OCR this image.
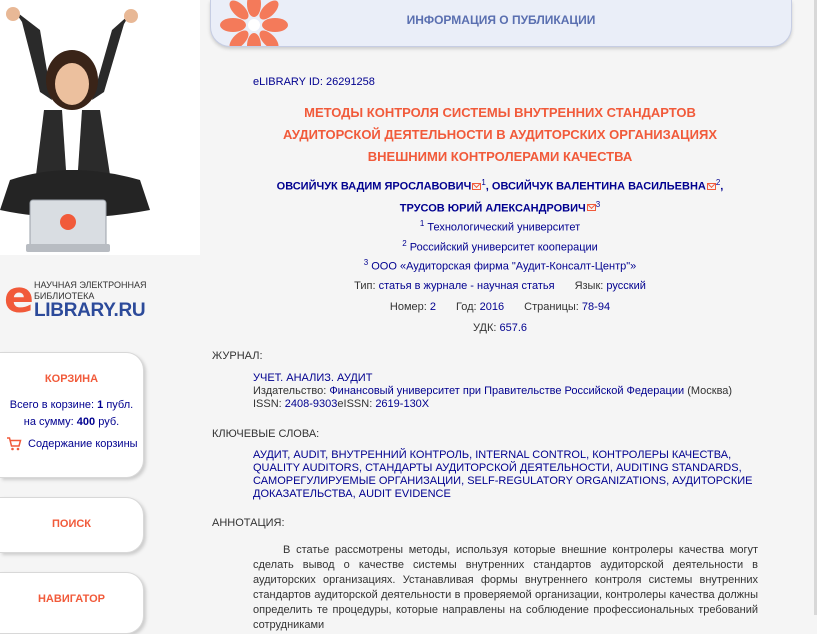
e НАУЧНАЯ ЭЛЕКТРОННАЯ БИБЛИОТЕКА
LIBRARY.RU
КОРЗИНА
Всего в корзине: 1 публ.
на сумму: 400 руб.
Содержание корзины
ПОИСК
НАВИГАТОР
ИНФОРМАЦИЯ О ПУБЛИКАЦИИ
eLIBRARY ID: 26291258
МЕТОДЫ КОНТРОЛЯ СИСТЕМЫ ВНУТРЕННИХ СТАНДАРТОВ
АУДИТОРСКОЙ ДЕЯТЕЛЬНОСТИ В АУДИТОРСКИХ ОРГАНИЗАЦИЯХ
ВНЕШНИМИ КОНТРОЛЕРАМИ КАЧЕСТВА
ОВСИЙЧУК ВАДИМ ЯРОСЛАВОВИЧ $^1$, ОВСИЙЧУК ВАЛЕНТИНА ВАСИЛЬЕВНА $^2$,
ТРУСОВ ЮРИЙ АЛЕКСАНДРОВИЧ $^3$
$^1$ Технологический университет
$^2$ Российский университет кооперации
$^3$ ООО «Аудиторская фирма "Аудит-Консалт-Центр"»
Тип: статья в журнале - научная статья Язык: русский
Номер: 2 Год: 2016 Страницы: 78-94
УДК: 657.6
ЖУРНАЛ:
УЧЕТ. АНАЛИЗ. АУДИТ
Издательство: Финансовый университет при Правительстве Российской Федерации (Москва)
ISSN: 2408-9303eISSN: 2619-130X
КЛЮЧЕВЫЕ СЛОВА:
АУДИТ, AUDIT, ВНУТРЕННИЙ КОНТРОЛЬ, INTERNAL CONTROL, КОНТРОЛЕРЫ КАЧЕСТВА, QUALITY AUDITORS, СТАНДАРТЫ АУДИТОРСКОЙ ДЕЯТЕЛЬНОСТИ, AUDITING STANDARDS, САМОРЕГУЛИРУЕМЫЕ ОРГАНИЗАЦИИ, SELF-REGULATORY ORGANIZATIONS, АУДИТОРСКИЕ ДОКАЗАТЕЛЬСТВА, AUDIT EVIDENCE
АННОТАЦИЯ:
В статье рассмотрены методы, используя которые внешние контролеры качества могут сделать вывод о качестве системы внутренних стандартов аудиторской деятельности в аудиторских организациях. Устанавливая формы внутреннего контроля системы внутренних стандартов аудиторской деятельности в проверяемой организации, контролеры качества должны определить те процедуры, которые направлены на соблюдение профессиональных требований сотрудниками
